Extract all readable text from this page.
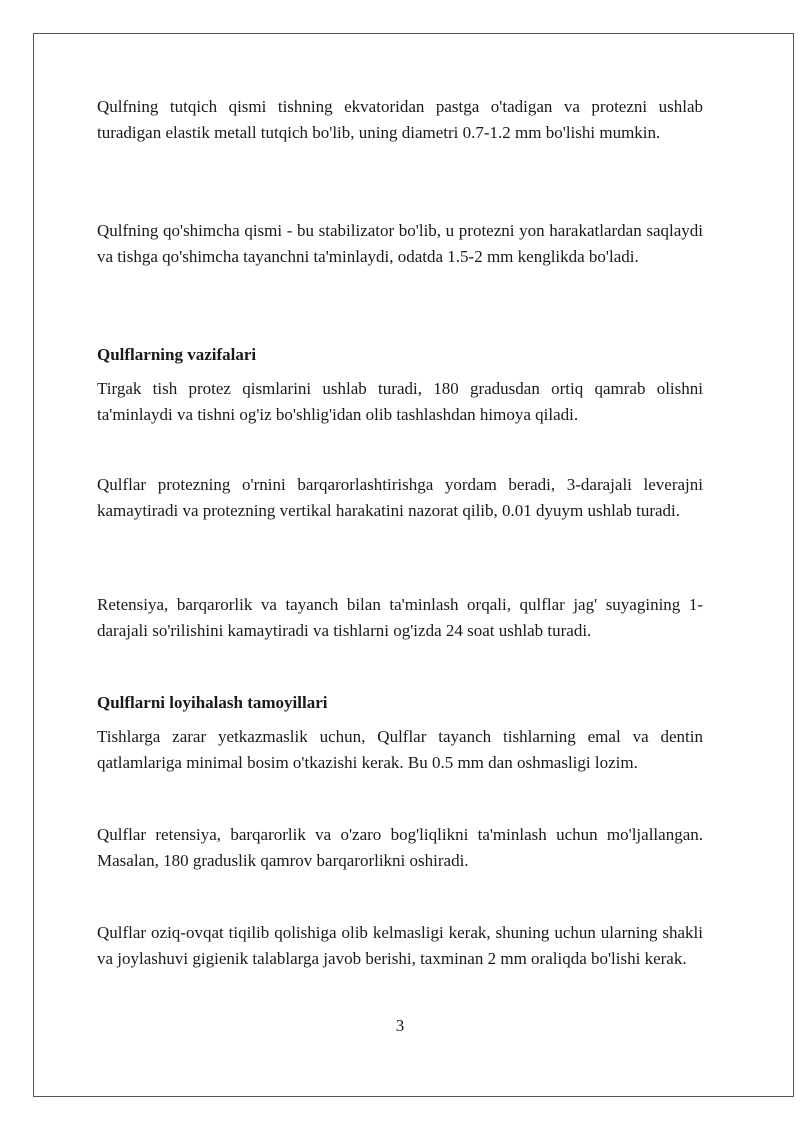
Qulfning tutqich qismi tishning ekvatoridan pastga o'tadigan va protezni ushlab turadigan elastik metall tutqich bo'lib, uning diametri 0.7-1.2 mm bo'lishi mumkin.

Qulfning qo'shimcha qismi - bu stabilizator bo'lib, u protezni yon harakatlardan saqlaydi va tishga qo'shimcha tayanchni ta'minlaydi, odatda 1.5-2 mm kenglikda bo'ladi.

Qulflarning vazifalari

Tirgak tish protez qismlarini ushlab turadi, 180 gradusdan ortiq qamrab olishni ta'minlaydi va tishni og'iz bo'shlig'idan olib tashlashdan himoya qiladi.

Qulflar protezning o'rnini barqarorlashtirishga yordam beradi, 3-darajali leverajni kamaytiradi va protezning vertikal harakatini nazorat qilib, 0.01 dyuym ushlab turadi.

Retensiya, barqarorlik va tayanch bilan ta'minlash orqali, qulflar jag' suyagining 1-darajali so'rilishini kamaytiradi va tishlarni og'izda 24 soat ushlab turadi.

Qulflarni loyihalash tamoyillari

Tishlarga zarar yetkazmaslik uchun, Qulflar tayanch tishlarning emal va dentin qatlamlariga minimal bosim o'tkazishi kerak. Bu 0.5 mm dan oshmasligi lozim.

Qulflar retensiya, barqarorlik va o'zaro bog'liqlikni ta'minlash uchun mo'ljallangan. Masalan, 180 graduslik qamrov barqarorlikni oshiradi.

Qulflar oziq-ovqat tiqilib qolishiga olib kelmasligi kerak, shuning uchun ularning shakli va joylashuvi gigienik talablarga javob berishi, taxminan 2 mm oraliqda bo'lishi kerak.

3
